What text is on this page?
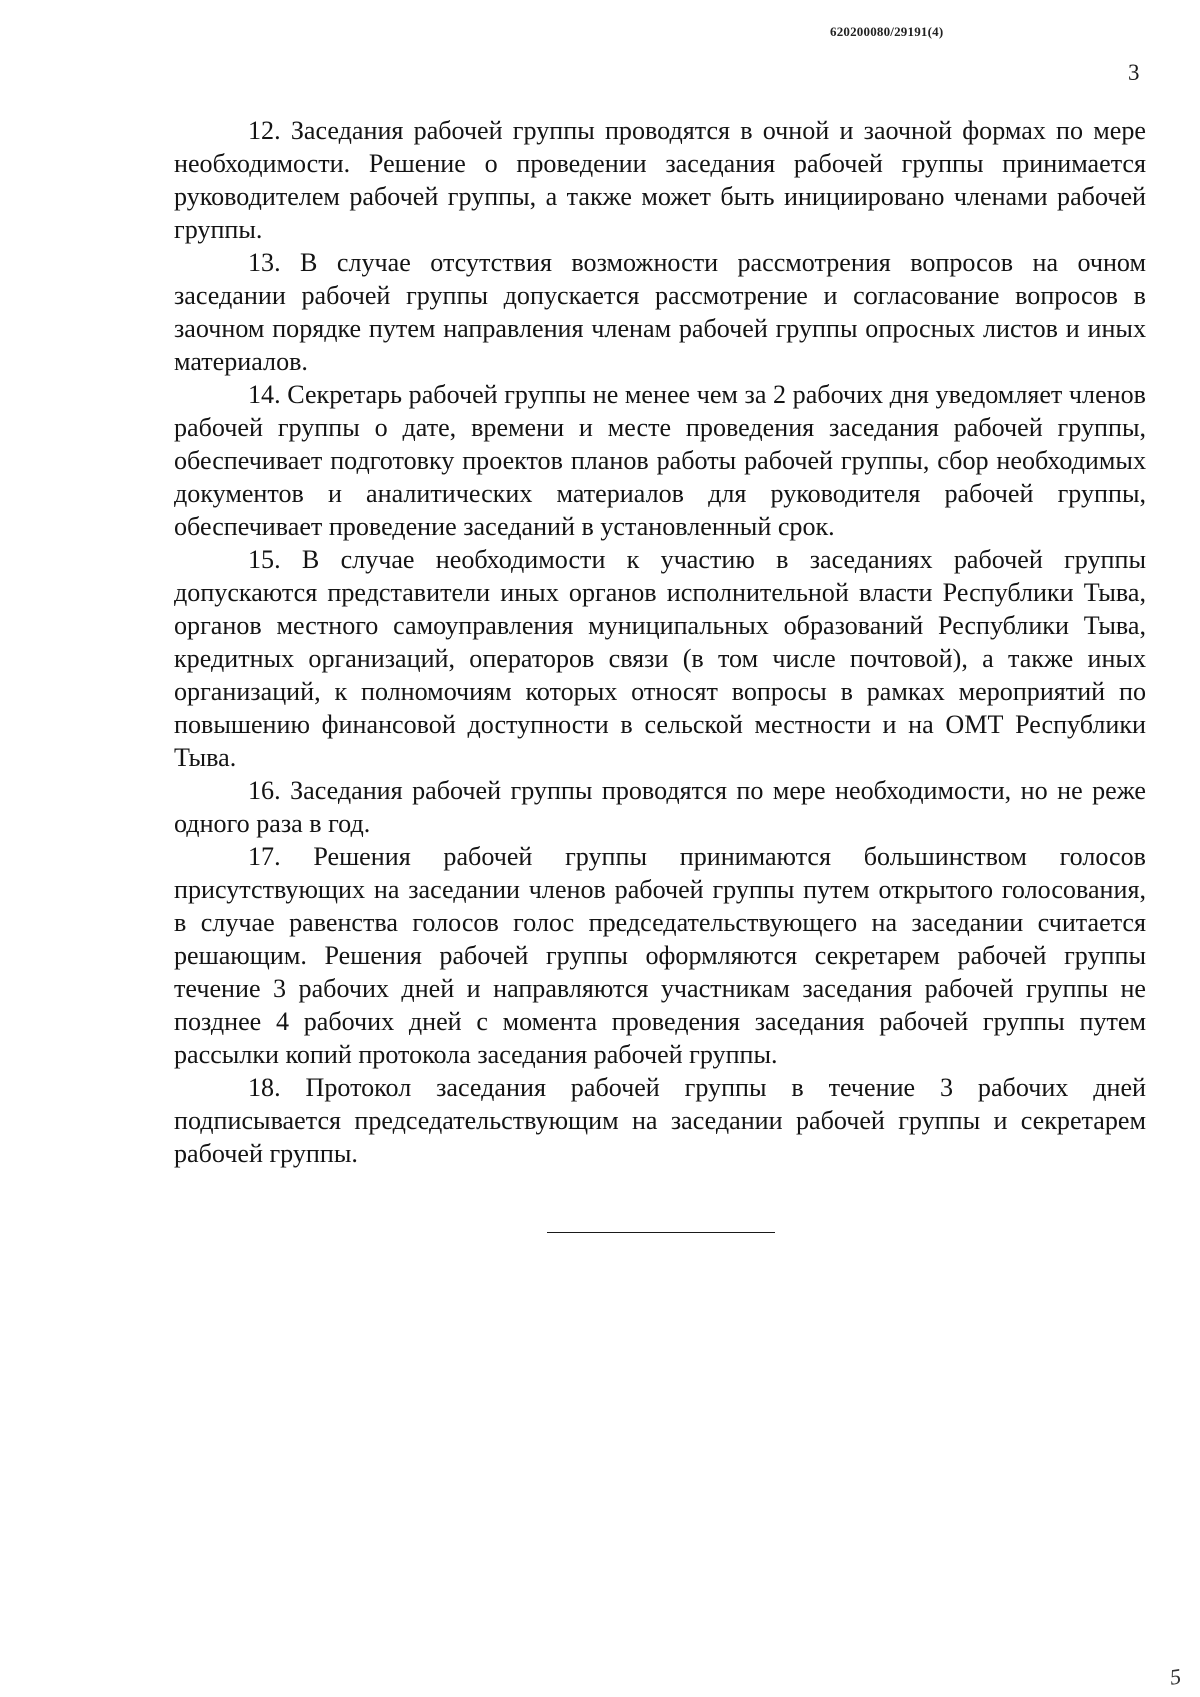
620200080/29191(4)
3

12. Заседания рабочей группы проводятся в очной и заочной формах по мере необходимости. Решение о проведении заседания рабочей группы принимается руководителем рабочей группы, а также может быть инициировано членами рабочей группы.

13. В случае отсутствия возможности рассмотрения вопросов на очном заседании рабочей группы допускается рассмотрение и согласование вопросов в заочном порядке путем направления членам рабочей группы опросных листов и иных материалов.

14. Секретарь рабочей группы не менее чем за 2 рабочих дня уведомляет членов рабочей группы о дате, времени и месте проведения заседания рабочей группы, обеспечивает подготовку проектов планов работы рабочей группы, сбор необходимых документов и аналитических материалов для руководителя рабочей группы, обеспечивает проведение заседаний в установленный срок.

15. В случае необходимости к участию в заседаниях рабочей группы допускаются представители иных органов исполнительной власти Республики Тыва, органов местного самоуправления муниципальных образований Республики Тыва, кредитных организаций, операторов связи (в том числе почтовой), а также иных организаций, к полномочиям которых относят вопросы в рамках мероприятий по повышению финансовой доступности в сельской местности и на ОМТ Республики Тыва.

16. Заседания рабочей группы проводятся по мере необходимости, но не реже одного раза в год.

17. Решения рабочей группы принимаются большинством голосов присутствующих на заседании членов рабочей группы путем открытого голосования, в случае равенства голосов голос председательствующего на заседании считается решающим. Решения рабочей группы оформляются секретарем рабочей группы течение 3 рабочих дней и направляются участникам заседания рабочей группы не позднее 4 рабочих дней с момента проведения заседания рабочей группы путем рассылки копий протокола заседания рабочей группы.

18. Протокол заседания рабочей группы в течение 3 рабочих дней подписывается председательствующим на заседании рабочей группы и секретарем рабочей группы.

5
